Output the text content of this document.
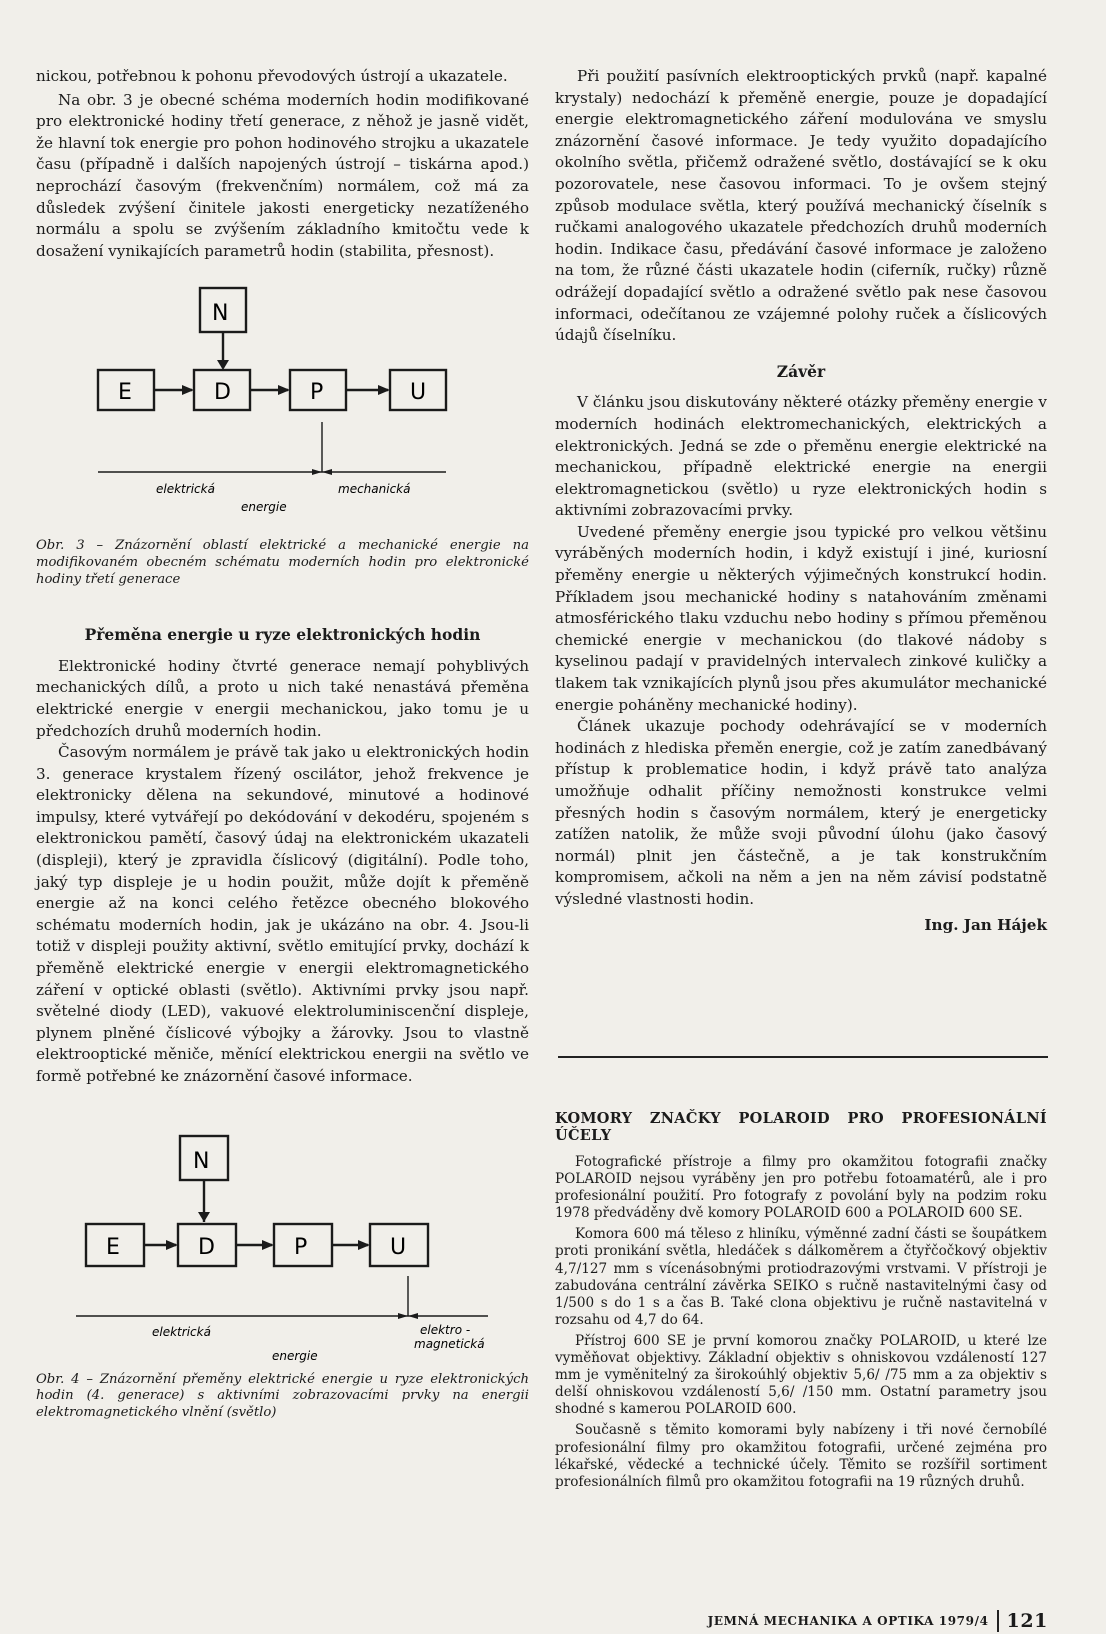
nickou, potřebnou k pohonu převodových ústrojí a ukazatele.

Na obr. 3 je obecné schéma moderních hodin modifikované pro elektronické hodiny třetí generace, z něhož je jasně vidět, že hlavní tok energie pro pohon hodinového strojku a ukazatele času (případně i dalších napojených ústrojí – tiskárna apod.) neprochází časovým (frekvenčním) normálem, což má za důsledek zvýšení činitele jakosti energeticky nezatíženého normálu a spolu se zvýšením základního kmitočtu vede k dosažení vynikajících parametrů hodin (stabilita, přesnost).

N
E	D	P	U
elektrická
energie
mechanická

Obr. 3 – Znázornění oblastí elektrické a mechanické energie na modifikovaném obecném schématu moderních hodin pro elektronické hodiny třetí generace

Přeměna energie u ryze elektronických hodin

Elektronické hodiny čtvrté generace nemají pohyblivých mechanických dílů, a proto u nich také nenastává přeměna elektrické energie v energii mechanickou, jako tomu je u předchozích druhů moderních hodin.

Časovým normálem je právě tak jako u elektronických hodin 3. generace krystalem řízený oscilátor, jehož frekvence je elektronicky dělena na sekundové, minutové a hodinové impulsy, které vytvářejí po dekódování v dekodéru, spojeném s elektronickou pamětí, časový údaj na elektronickém ukazateli (displeji), který je zpravidla číslicový (digitální). Podle toho, jaký typ displeje je u hodin použit, může dojít k přeměně energie až na konci celého řetězce obecného blokového schématu moderních hodin, jak je ukázáno na obr. 4. Jsou-li totiž v displeji použity aktivní, světlo emitující prvky, dochází k přeměně elektrické energie v energii elektromagnetického záření v optické oblasti (světlo). Aktivními prvky jsou např. světelné diody (LED), vakuové elektroluminiscenční displeje, plynem plněné číslicové výbojky a žárovky. Jsou to vlastně elektrooptické měniče, měnící elektrickou energii na světlo ve formě potřebné ke znázornění časové informace.

N
E	D	P	U
elektrická
energie
elektro -
magnetická

Obr. 4 – Znázornění přeměny elektrické energie u ryze elektronických hodin (4. generace) s aktivními zobrazovacími prvky na energii elektromagnetického vlnění (světlo)

Při použití pasívních elektrooptických prvků (např. kapalné krystaly) nedochází k přeměně energie, pouze je dopadající energie elektromagnetického záření modulována ve smyslu znázornění časové informace. Je tedy využito dopadajícího okolního světla, přičemž odražené světlo, dostávající se k oku pozorovatele, nese časovou informaci. To je ovšem stejný způsob modulace světla, který používá mechanický číselník s ručkami analogového ukazatele předchozích druhů moderních hodin. Indikace času, předávání časové informace je založeno na tom, že různé části ukazatele hodin (ciferník, ručky) různě odrážejí dopadající světlo a odražené světlo pak nese časovou informaci, odečítanou ze vzájemné polohy ruček a číslicových údajů číselníku.

Závěr

V článku jsou diskutovány některé otázky přeměny energie v moderních hodinách elektromechanických, elektrických a elektronických. Jedná se zde o přeměnu energie elektrické na mechanickou, případně elektrické energie na energii elektromagnetickou (světlo) u ryze elektronických hodin s aktivními zobrazovacími prvky.

Uvedené přeměny energie jsou typické pro velkou většinu vyráběných moderních hodin, i když existují i jiné, kuriosní přeměny energie u některých výjimečných konstrukcí hodin. Příkladem jsou mechanické hodiny s natahováním změnami atmosférického tlaku vzduchu nebo hodiny s přímou přeměnou chemické energie v mechanickou (do tlakové nádoby s kyselinou padají v pravidelných intervalech zinkové kuličky a tlakem tak vznikajících plynů jsou přes akumulátor mechanické energie poháněny mechanické hodiny).

Článek ukazuje pochody odehrávající se v moderních hodinách z hlediska přeměn energie, což je zatím zanedbávaný přístup k problematice hodin, i když právě tato analýza umožňuje odhalit příčiny nemožnosti konstrukce velmi přesných hodin s časovým normálem, který je energeticky zatížen natolik, že může svoji původní úlohu (jako časový normál) plnit jen částečně, a je tak konstrukčním kompromisem, ačkoli na něm a jen na něm závisí podstatně výsledné vlastnosti hodin.

Ing. Jan Hájek
KOMORY ZNAČKY POLAROID PRO PROFESIONÁLNÍ ÚČELY

Fotografické přístroje a filmy pro okamžitou fotografii značky POLAROID nejsou vyráběny jen pro potřebu fotoamatérů, ale i pro profesionální použití. Pro fotografy z povolání byly na podzim roku 1978 předváděny dvě komory POLAROID 600 a POLAROID 600 SE.

Komora 600 má těleso z hliníku, výměnné zadní části se šoupátkem proti pronikání světla, hledáček s dálkoměrem a čtyřčočkový objektiv 4,7/127 mm s vícenásobnými protiodrazovými vrstvami. V přístroji je zabudována centrální závěrka SEIKO s ručně nastavitelnými časy od 1/500 s do 1 s a čas B. Také clona objektivu je ručně nastavitelná v rozsahu od 4,7 do 64.

Přístroj 600 SE je první komorou značky POLAROID, u které lze vyměňovat objektivy. Základní objektiv s ohniskovou vzdáleností 127 mm je vyměnitelný za širokoúhlý objektiv 5,6/ /75 mm a za objektiv s delší ohniskovou vzdáleností 5,6/ /150 mm. Ostatní parametry jsou shodné s kamerou POLAROID 600.

Současně s těmito komorami byly nabízeny i tři nové černobílé profesionální filmy pro okamžitou fotografii, určené zejména pro lékařské, vědecké a technické účely. Těmito se rozšířil sortiment profesionálních filmů pro okamžitou fotografii na 19 různých druhů.

JEMNÁ MECHANIKA A OPTIKA 1979/4 121
